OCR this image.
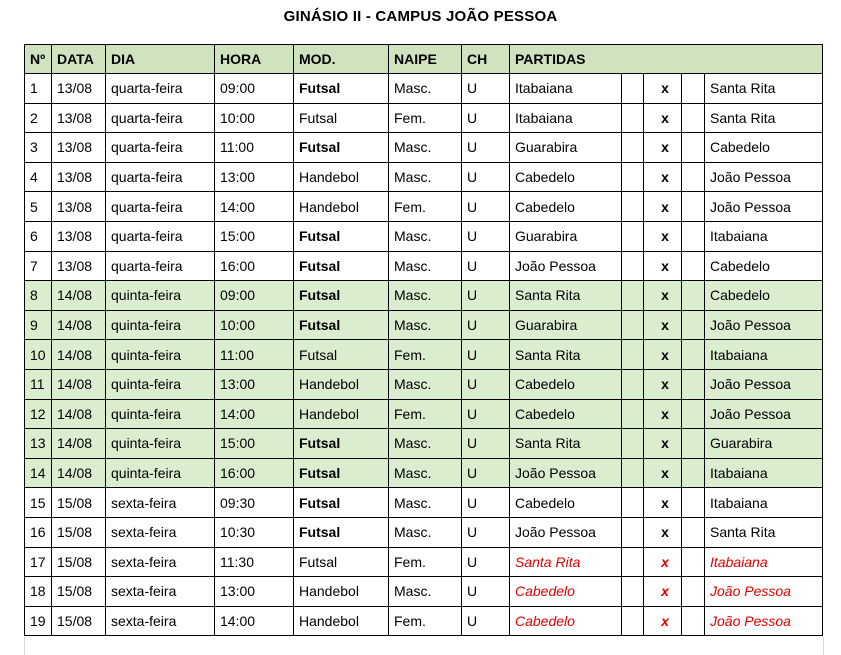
GINÁSIO II - CAMPUS JOÃO PESSOA
Nº	DATA	DIA	HORA	MOD.	NAIPE	CH	PARTIDAS				
1	13/08	quarta-feira	09:00	Futsal	Masc.	U	Itabaiana		x		Santa Rita
2	13/08	quarta-feira	10:00	Futsal	Fem.	U	Itabaiana		x		Santa Rita
3	13/08	quarta-feira	11:00	Futsal	Masc.	U	Guarabira		x		Cabedelo
4	13/08	quarta-feira	13:00	Handebol	Masc.	U	Cabedelo		x		João Pessoa
5	13/08	quarta-feira	14:00	Handebol	Fem.	U	Cabedelo		x		João Pessoa
6	13/08	quarta-feira	15:00	Futsal	Masc.	U	Guarabira		x		Itabaiana
7	13/08	quarta-feira	16:00	Futsal	Masc.	U	João Pessoa		x		Cabedelo
8	14/08	quinta-feira	09:00	Futsal	Masc.	U	Santa Rita		x		Cabedelo
9	14/08	quinta-feira	10:00	Futsal	Masc.	U	Guarabira		x		João Pessoa
10	14/08	quinta-feira	11:00	Futsal	Fem.	U	Santa Rita		x		Itabaiana
11	14/08	quinta-feira	13:00	Handebol	Masc.	U	Cabedelo		x		João Pessoa
12	14/08	quinta-feira	14:00	Handebol	Fem.	U	Cabedelo		x		João Pessoa
13	14/08	quinta-feira	15:00	Futsal	Masc.	U	Santa Rita		x		Guarabira
14	14/08	quinta-feira	16:00	Futsal	Masc.	U	João Pessoa		x		Itabaiana
15	15/08	sexta-feira	09:30	Futsal	Masc.	U	Cabedelo		x		Itabaiana
16	15/08	sexta-feira	10:30	Futsal	Masc.	U	João Pessoa		x		Santa Rita
17	15/08	sexta-feira	11:30	Futsal	Fem.	U	Santa Rita		x		Itabaiana
18	15/08	sexta-feira	13:00	Handebol	Masc.	U	Cabedelo		x		João Pessoa
19	15/08	sexta-feira	14:00	Handebol	Fem.	U	Cabedelo		x		João Pessoa
